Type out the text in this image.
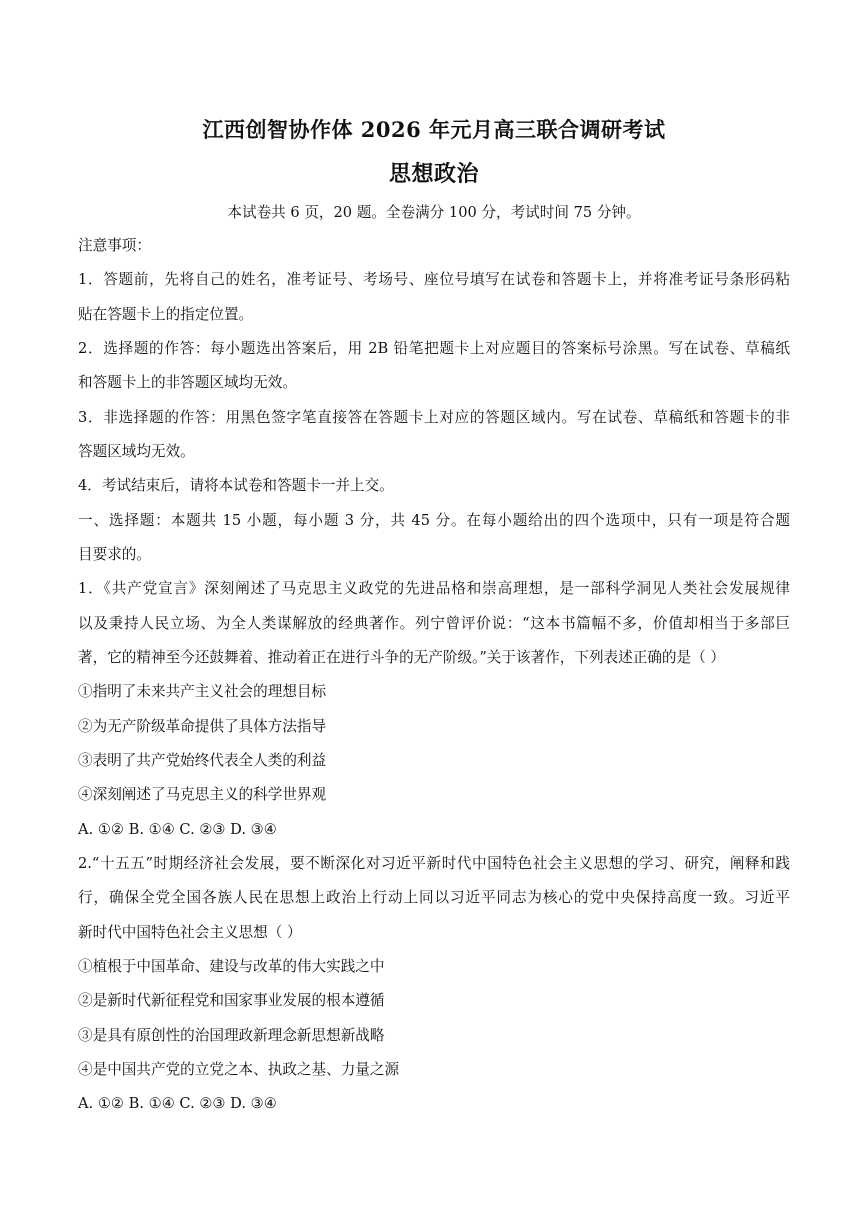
江西创智协作体 2026 年元月高三联合调研考试
思想政治
本试卷共 6 页，20 题。全卷满分 100 分，考试时间 75 分钟。
注意事项：
1．答题前，先将自己的姓名，准考证号、考场号、座位号填写在试卷和答题卡上，并将准考证号条形码粘
贴在答题卡上的指定位置。
2．选择题的作答：每小题选出答案后，用 2B 铅笔把题卡上对应题目的答案标号涂黑。写在试卷、草稿纸
和答题卡上的非答题区域均无效。
3．非选择题的作答：用黑色签字笔直接答在答题卡上对应的答题区域内。写在试卷、草稿纸和答题卡的非
答题区域均无效。
4．考试结束后，请将本试卷和答题卡一并上交。
一、选择题：本题共 15 小题，每小题 3 分，共 45 分。在每小题给出的四个选项中，只有一项是符合题
目要求的。
1．《共产党宣言》深刻阐述了马克思主义政党的先进品格和崇高理想，是一部科学洞见人类社会发展规律
以及秉持人民立场、为全人类谋解放的经典著作。列宁曾评价说：“这本书篇幅不多，价值却相当于多部巨
著，它的精神至今还鼓舞着、推动着正在进行斗争的无产阶级。”关于该著作，下列表述正确的是（ ）
①指明了未来共产主义社会的理想目标
②为无产阶级革命提供了具体方法指导
③表明了共产党始终代表全人类的利益
④深刻阐述了马克思主义的科学世界观
A. ①② B. ①④ C. ②③ D. ③④
2.“十五五”时期经济社会发展，要不断深化对习近平新时代中国特色社会主义思想的学习、研究，阐释和践
行，确保全党全国各族人民在思想上政治上行动上同以习近平同志为核心的党中央保持高度一致。习近平
新时代中国特色社会主义思想（ ）
①植根于中国革命、建设与改革的伟大实践之中
②是新时代新征程党和国家事业发展的根本遵循
③是具有原创性的治国理政新理念新思想新战略
④是中国共产党的立党之本、执政之基、力量之源
A. ①② B. ①④ C. ②③ D. ③④
